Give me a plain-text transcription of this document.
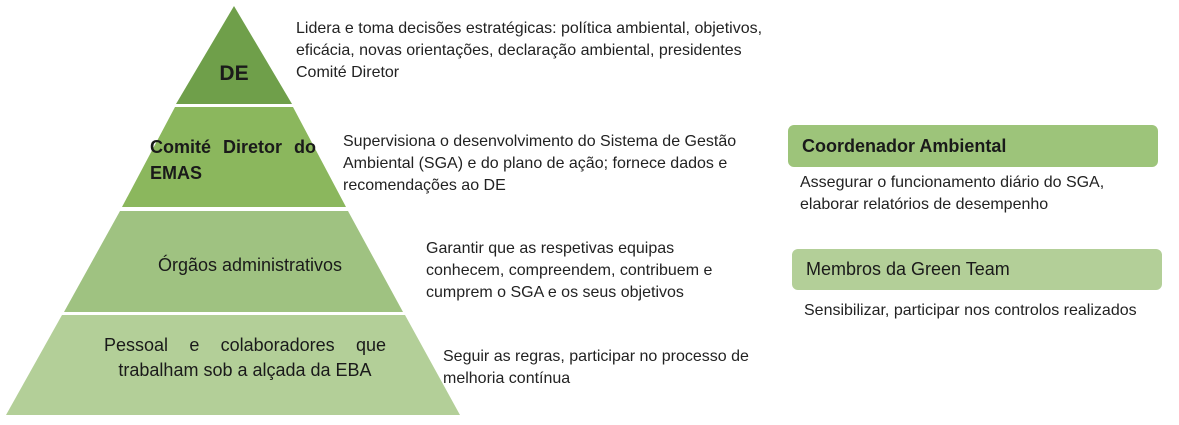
DE
Comité Diretor do EMAS
Órgãos administrativos
Pessoal e colaboradores que trabalham sob a alçada da EBA
Lidera e toma decisões estratégicas: política ambiental, objetivos, eficácia, novas orientações, declaração ambiental, presidentes Comité Diretor
Supervisiona o desenvolvimento do Sistema de Gestão Ambiental (SGA) e do plano de ação; fornece dados e recomendações ao DE
Garantir que as respetivas equipas conhecem, compreendem, contribuem e cumprem o SGA e os seus objetivos
Seguir as regras, participar no processo de melhoria contínua
Coordenador Ambiental
Assegurar o funcionamento diário do SGA, elaborar relatórios de desempenho
Membros da Green Team
Sensibilizar, participar nos controlos realizados
